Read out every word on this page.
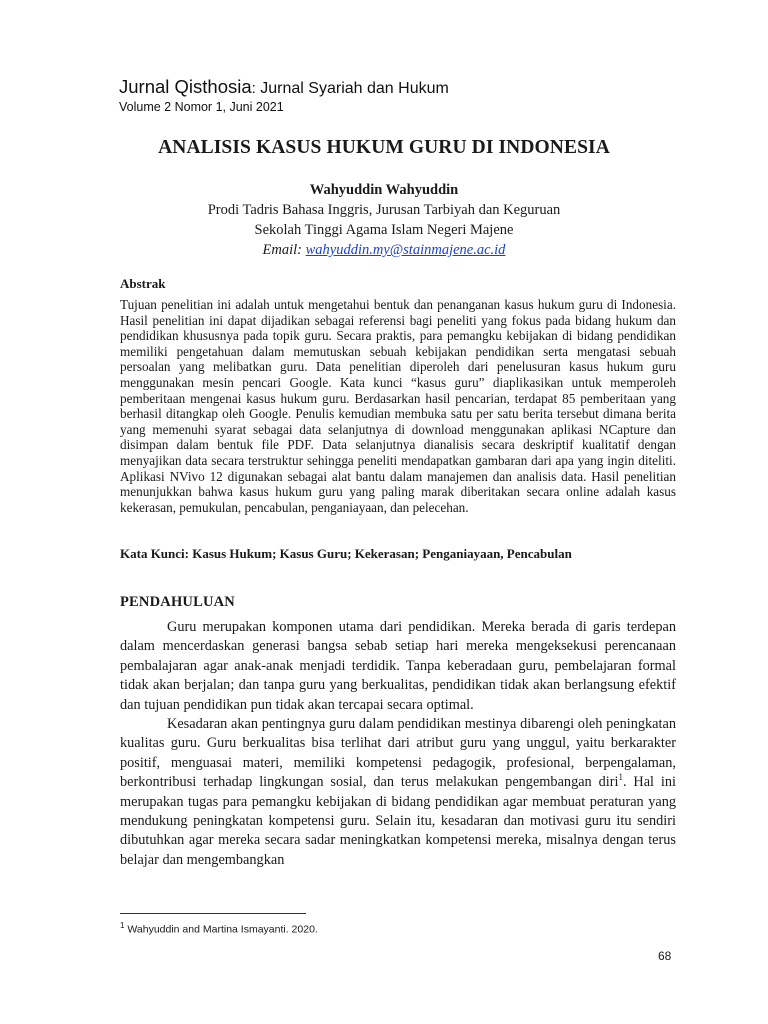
Jurnal Qisthosia: Jurnal Syariah dan Hukum
Volume 2 Nomor 1, Juni 2021
ANALISIS KASUS HUKUM GURU DI INDONESIA
Wahyuddin Wahyuddin
Prodi Tadris Bahasa Inggris, Jurusan Tarbiyah dan Keguruan
Sekolah Tinggi Agama Islam Negeri Majene
Email: wahyuddin.my@stainmajene.ac.id
Abstrak

Tujuan penelitian ini adalah untuk mengetahui bentuk dan penanganan kasus hukum guru di Indonesia. Hasil penelitian ini dapat dijadikan sebagai referensi bagi peneliti yang fokus pada bidang hukum dan pendidikan khususnya pada topik guru. Secara praktis, para pemangku kebijakan di bidang pendidikan memiliki pengetahuan dalam memutuskan sebuah kebijakan pendidikan serta mengatasi sebuah persoalan yang melibatkan guru. Data penelitian diperoleh dari penelusuran kasus hukum guru menggunakan mesin pencari Google. Kata kunci “kasus guru” diaplikasikan untuk memperoleh pemberitaan mengenai kasus hukum guru. Berdasarkan hasil pencarian, terdapat 85 pemberitaan yang berhasil ditangkap oleh Google. Penulis kemudian membuka satu per satu berita tersebut dimana berita yang memenuhi syarat sebagai data selanjutnya di download menggunakan aplikasi NCapture dan disimpan dalam bentuk file PDF. Data selanjutnya dianalisis secara deskriptif kualitatif dengan menyajikan data secara terstruktur sehingga peneliti mendapatkan gambaran dari apa yang ingin diteliti. Aplikasi NVivo 12 digunakan sebagai alat bantu dalam manajemen dan analisis data. Hasil penelitian menunjukkan bahwa kasus hukum guru yang paling marak diberitakan secara online adalah kasus kekerasan, pemukulan, pencabulan, penganiayaan, dan pelecehan.

Kata Kunci: Kasus Hukum; Kasus Guru; Kekerasan; Penganiayaan, Pencabulan
PENDAHULUAN

Guru merupakan komponen utama dari pendidikan. Mereka berada di garis terdepan dalam mencerdaskan generasi bangsa sebab setiap hari mereka mengeksekusi perencanaan pembalajaran agar anak-anak menjadi terdidik. Tanpa keberadaan guru, pembelajaran formal tidak akan berjalan; dan tanpa guru yang berkualitas, pendidikan tidak akan berlangsung efektif dan tujuan pendidikan pun tidak akan tercapai secara optimal.

Kesadaran akan pentingnya guru dalam pendidikan mestinya dibarengi oleh peningkatan kualitas guru. Guru berkualitas bisa terlihat dari atribut guru yang unggul, yaitu berkarakter positif, menguasai materi, memiliki kompetensi pedagogik, profesional, berpengalaman, berkontribusi terhadap lingkungan sosial, dan terus melakukan pengembangan diri$^1$. Hal ini merupakan tugas para pemangku kebijakan di bidang pendidikan agar membuat peraturan yang mendukung peningkatan kompetensi guru. Selain itu, kesadaran dan motivasi guru itu sendiri dibutuhkan agar mereka secara sadar meningkatkan kompetensi mereka, misalnya dengan terus belajar dan mengembangkan

$^1$ Wahyuddin and Martina Ismayanti. 2020.
68
